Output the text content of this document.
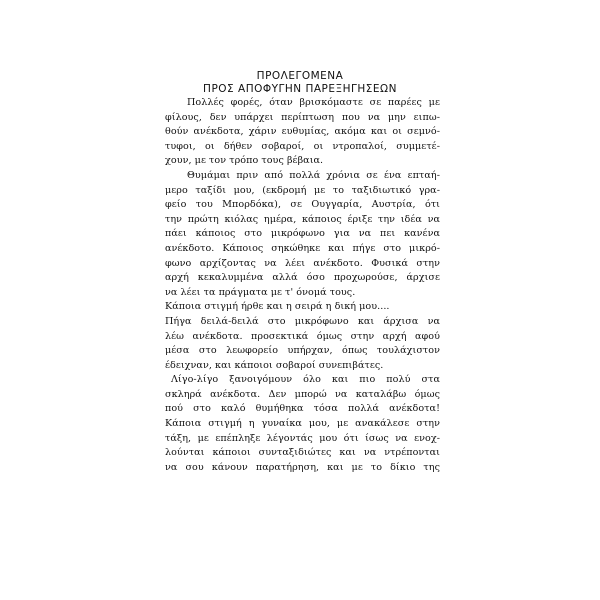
ΠΡΟΛΕΓΟΜΕΝΑ
ΠΡΟΣ ΑΠΟΦΥΓΗΝ ΠΑΡΕΞΗΓΗΣΕΩΝ
Πολλές φορές, όταν βρισκόμαστε σε παρέες με
φίλους, δεν υπάρχει περίπτωση που να μην ειπω-
θούν ανέκδοτα, χάριν ευθυμίας, ακόμα και οι σεμνό-
τυφοι, οι δήθεν σοβαροί, οι ντροπαλοί, συμμετέ-
χουν, με τον τρόπο τους βέβαια.
Θυμάμαι πριν από πολλά χρόνια σε ένα επταή-
μερο ταξίδι μου, (εκδρομή με το ταξιδιωτικό γρα-
φείο του Μπορδόκα), σε Ουγγαρία, Αυστρία, ότι
την πρώτη κιόλας ημέρα, κάποιος έριξε την ιδέα να
πάει κάποιος στο μικρόφωνο για να πει κανένα
ανέκδοτο. Κάποιος σηκώθηκε και πήγε στο μικρό-
φωνο αρχίζοντας να λέει ανέκδοτο. Φυσικά στην
αρχή κεκαλυμμένα αλλά όσο προχωρούσε, άρχισε
να λέει τα πράγματα με τ' όνομά τους.
Κάποια στιγμή ήρθε και η σειρά η δική μου....
Πήγα δειλά-δειλά στο μικρόφωνο και άρχισα να
λέω ανέκδοτα. προσεκτικά όμως στην αρχή αφού
μέσα στο λεωφορείο υπήρχαν, όπως τουλάχιστον
έδειχναν, και κάποιοι σοβαροί συνεπιβάτες.
Λίγο-λίγο ξανοιγόμουν όλο και πιο πολύ στα
σκληρά ανέκδοτα. Δεν μπορώ να καταλάβω όμως
πού στο καλό θυμήθηκα τόσα πολλά ανέκδοτα!
Κάποια στιγμή η γυναίκα μου, με ανακάλεσε στην
τάξη, με επέπληξε λέγοντάς μου ότι ίσως να ενοχ-
λούνται κάποιοι συνταξιδιώτες και να ντρέπονται
να σου κάνουν παρατήρηση, και με το δίκιο της
